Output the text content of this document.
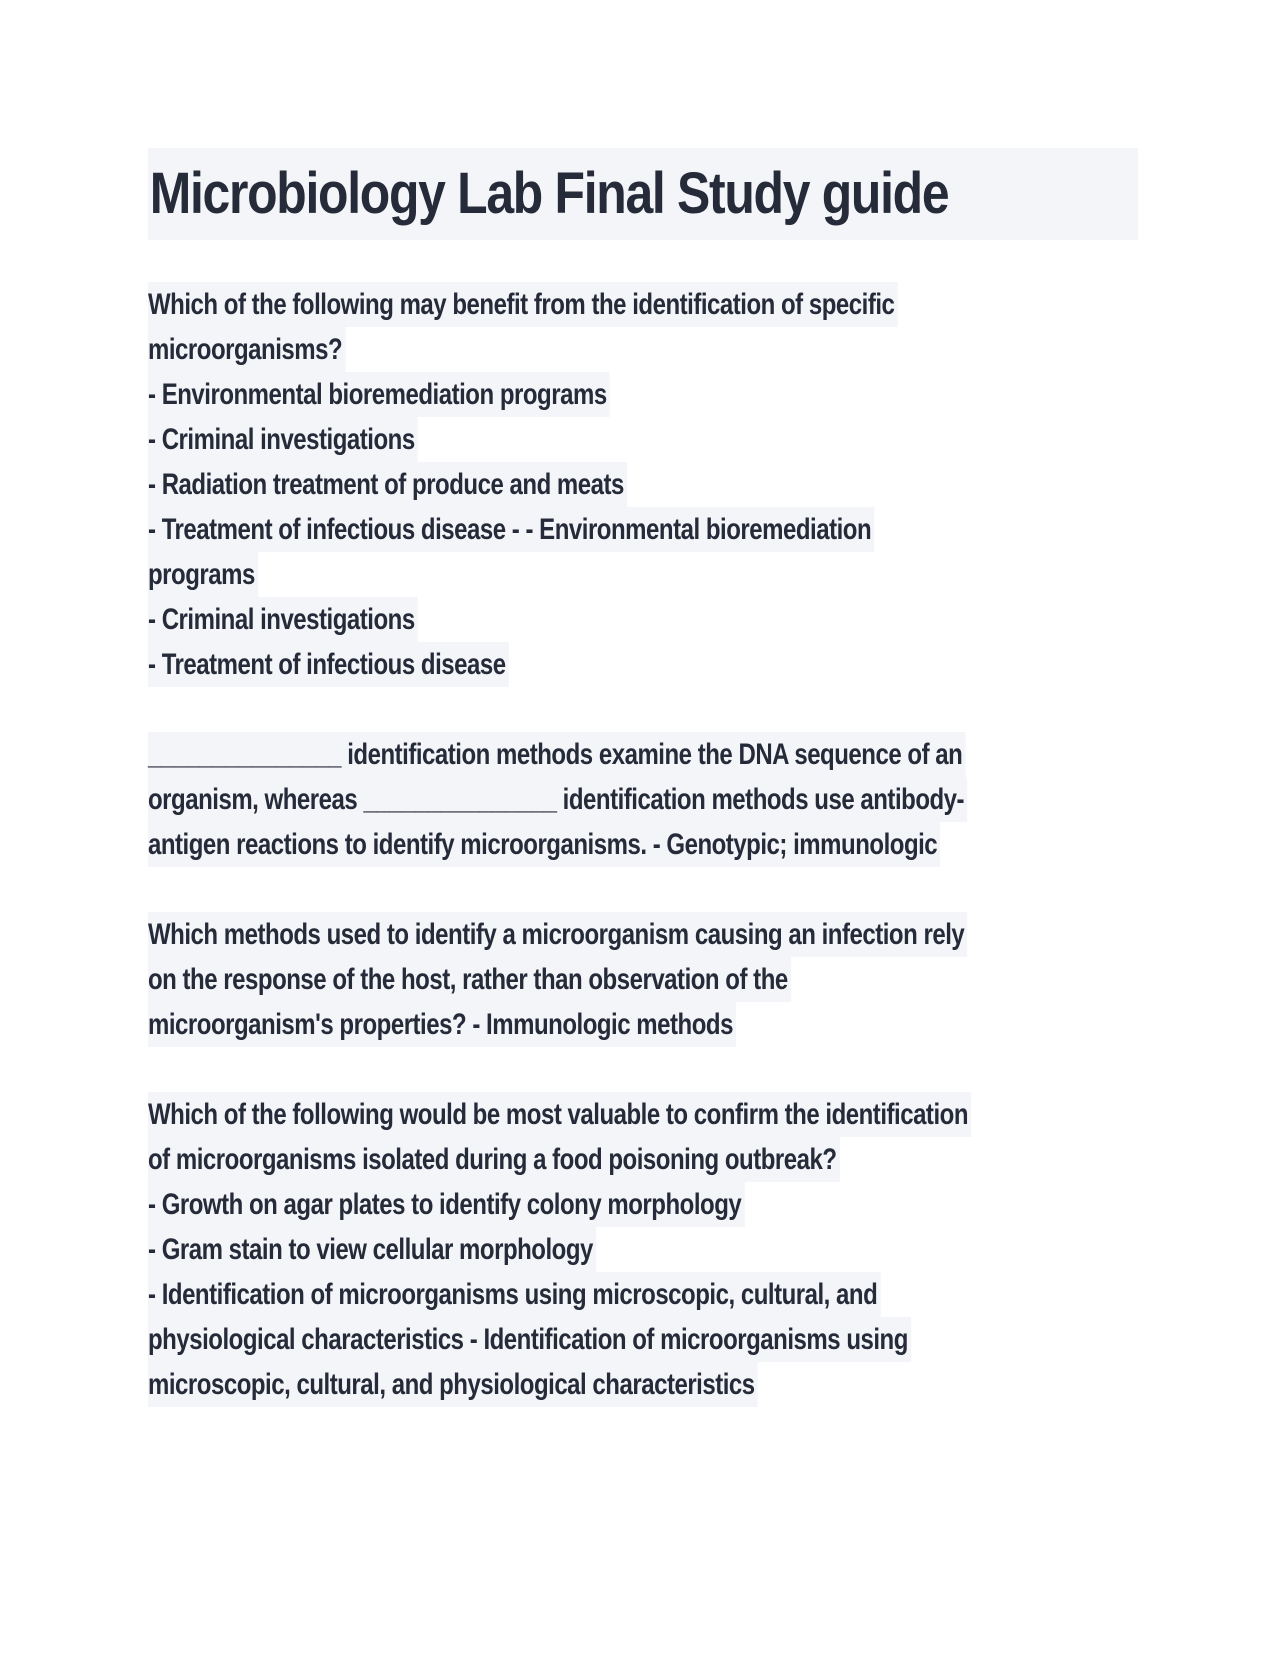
Microbiology Lab Final Study guide
Which of the following may benefit from the identification of specific
microorganisms?
- Environmental bioremediation programs
- Criminal investigations
- Radiation treatment of produce and meats
- Treatment of infectious disease - - Environmental bioremediation
programs
- Criminal investigations
- Treatment of infectious disease
_______________ identification methods examine the DNA sequence of an
organism, whereas _______________ identification methods use antibody-
antigen reactions to identify microorganisms. - Genotypic; immunologic
Which methods used to identify a microorganism causing an infection rely
on the response of the host, rather than observation of the
microorganism's properties? - Immunologic methods
Which of the following would be most valuable to confirm the identification
of microorganisms isolated during a food poisoning outbreak?
- Growth on agar plates to identify colony morphology
- Gram stain to view cellular morphology
- Identification of microorganisms using microscopic, cultural, and
physiological characteristics - Identification of microorganisms using
microscopic, cultural, and physiological characteristics
